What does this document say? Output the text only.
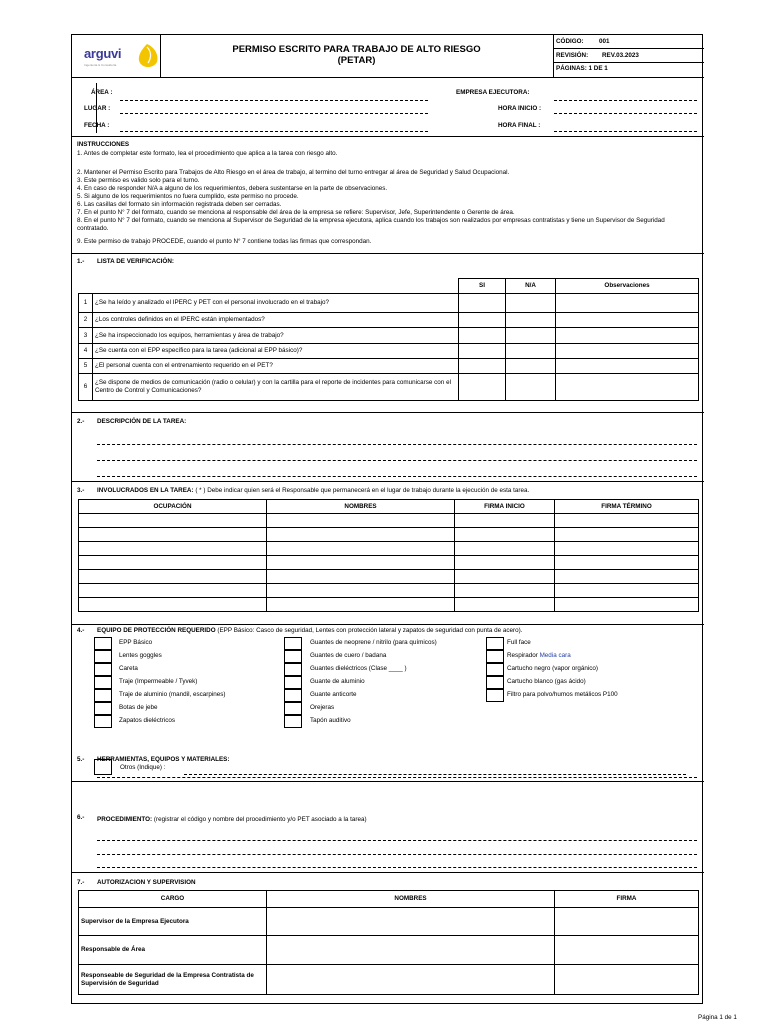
arguvi
Ingeniería & Consultoría
PERMISO ESCRITO PARA TRABAJO DE ALTO RIESGO
(PETAR)
CÓDIGO: 001
REVISIÓN: REV.03.2023
PÁGINAS: 1 DE 1
ÁREA :
LUGAR :
FECHA :
EMPRESA EJECUTORA:
HORA INICIO :
HORA FINAL :
INSTRUCCIONES
1. Antes de completar este formato, lea el procedimiento que aplica a la tarea con riesgo alto.
2. Mantener el Permiso Escrito para Trabajos de Alto Riesgo en el área de trabajo, al termino del turno entregar al área de Seguridad y Salud Ocupacional.
3. Este permiso es valido solo para el turno.
4. En caso de responder N/A a alguno de los requerimientos, debera sustentarse en la parte de observaciones.
5. Si alguno de los requerimientos no fuera cumplido, este permiso no procede.
6. Las casillas del formato sin información registrada deben ser cerradas.
7. En el punto N° 7 del formato, cuando se menciona al responsable del área de la empresa se refiere: Supervisor, Jefe, Superintendente o Gerente de área.
8. En el punto N° 7 del formato, cuando se menciona al Supervisor de Seguridad de la empresa ejecutora, aplica cuando los trabajos son realizados por empresas contratistas y tiene un Supervisor de Seguridad contratado.
9. Este permiso de trabajo PROCEDE, cuando el punto N° 7 contiene todas las firmas que correspondan.
1.- LISTA DE VERIFICACIÓN:
		SI	N/A	Observaciones
1	¿Se ha leído y analizado el IPERC y PET con el personal involucrado en el trabajo?			
2	¿Los controles definidos en el IPERC están implementados?			
3	¿Se ha inspeccionado los equipos, herramientas y área de trabajo?			
4	¿Se cuenta con el EPP específico para la tarea (adicional al EPP básico)?			
5	¿El personal cuenta con el entrenamiento requerido en el PET?			
6	¿Se dispone de medios de comunicación (radio o celular) y con la cartilla para el reporte de incidentes para comunicarse con el Centro de Control y Comunicaciones?			
2.- DESCRIPCIÓN DE LA TAREA:
3.- INVOLUCRADOS EN LA TAREA: ( * ) Debe indicar quien será el Responsable que permanecerá en el lugar de trabajo durante la ejecución de esta tarea.
OCUPACIÓN	NOMBRES	FIRMA INICIO	FIRMA TÉRMINO

4.- EQUIPO DE PROTECCIÓN REQUERIDO (EPP Básico: Casco de seguridad, Lentes con protección lateral y zapatos de seguridad con punta de acero).
EPP Básico
Lentes goggles
Careta
Traje (Impermeable / Tyvek)
Traje de aluminio (mandil, escarpines)
Botas de jebe
Zapatos dieléctricos
Guantes de neoprene / nitrilo (para químicos)
Guantes de cuero / badana
Guantes dieléctricos (Clase ____ )
Guante de aluminio
Guante anticorte
Orejeras
Tapón auditivo
Full face
Respirador Media cara
Cartucho negro (vapor orgánico)
Cartucho blanco (gas ácido)
Filtro para polvo/humos metálicos P100
Otros (Indique) :
5.- HERRAMIENTAS, EQUIPOS Y MATERIALES:
6.- PROCEDIMIENTO: (registrar el código y nombre del procedimiento y/o PET asociado a la tarea)
7.- AUTORIZACION Y SUPERVISION
CARGO	NOMBRES	FIRMA
Supervisor de la Empresa Ejecutora		
Responsable de Área		
Responseable de Seguridad de la Empresa Contratista de Supervisión de Seguridad		
Página 1 de 1
